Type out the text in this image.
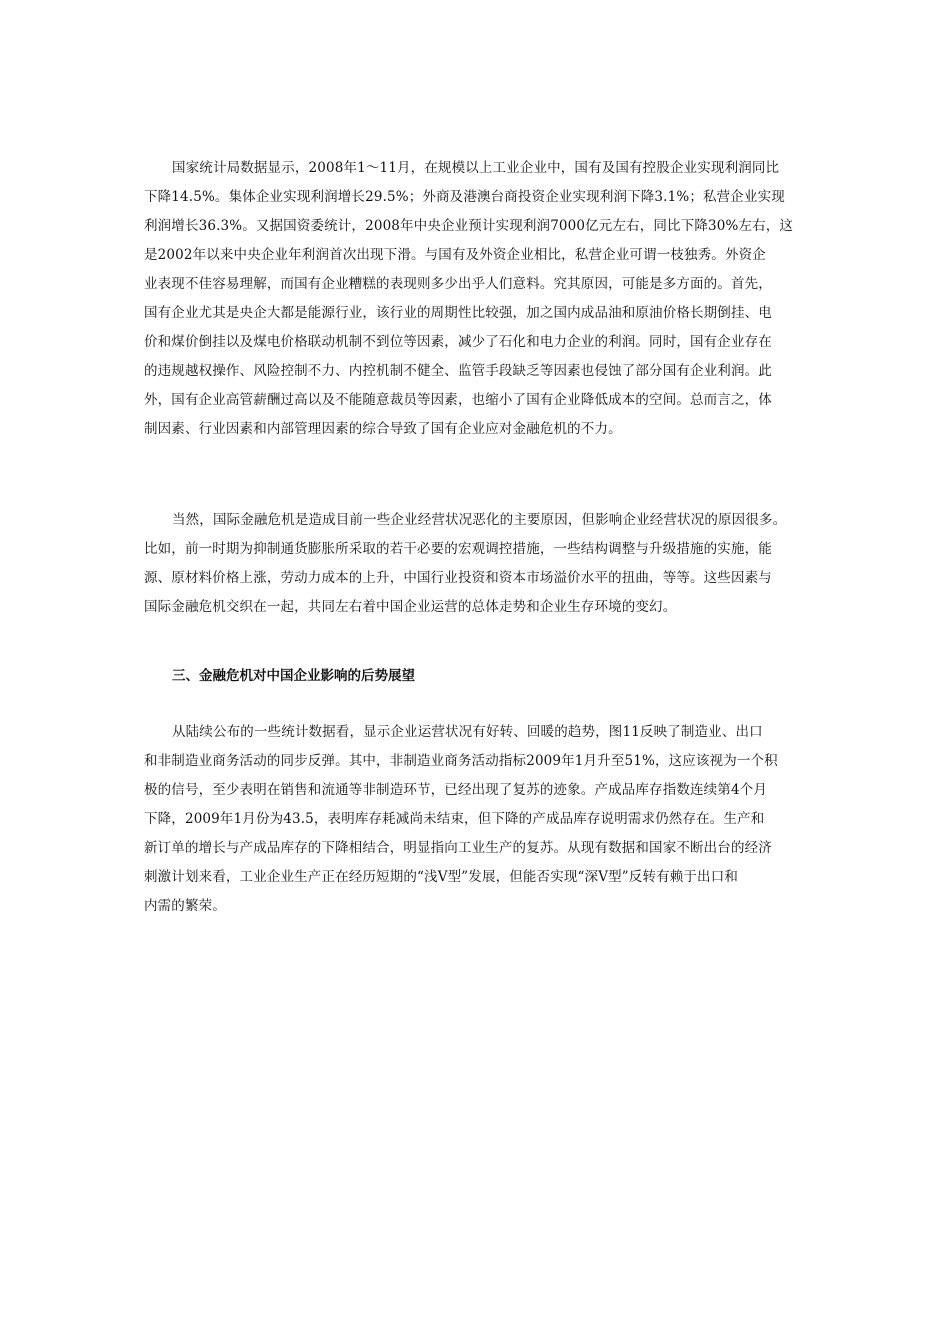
国家统计局数据显示，2008年1～11月，在规模以上工业企业中，国有及国有控股企业实现利润同比
下降14.5%。集体企业实现利润增长29.5%；外商及港澳台商投资企业实现利润下降3.1%；私营企业实现
利润增长36.3%。又据国资委统计，2008年中央企业预计实现利润7000亿元左右，同比下降30%左右，这
是2002年以来中央企业年利润首次出现下滑。与国有及外资企业相比，私营企业可谓一枝独秀。外资企
业表现不佳容易理解，而国有企业糟糕的表现则多少出乎人们意料。究其原因，可能是多方面的。首先，
国有企业尤其是央企大都是能源行业，该行业的周期性比较强，加之国内成品油和原油价格长期倒挂、电
价和煤价倒挂以及煤电价格联动机制不到位等因素，减少了石化和电力企业的利润。同时，国有企业存在
的违规越权操作、风险控制不力、内控机制不健全、监管手段缺乏等因素也侵蚀了部分国有企业利润。此
外，国有企业高管薪酬过高以及不能随意裁员等因素，也缩小了国有企业降低成本的空间。总而言之，体
制因素、行业因素和内部管理因素的综合导致了国有企业应对金融危机的不力。
当然，国际金融危机是造成目前一些企业经营状况恶化的主要原因，但影响企业经营状况的原因很多。
比如，前一时期为抑制通货膨胀所采取的若干必要的宏观调控措施，一些结构调整与升级措施的实施，能
源、原材料价格上涨，劳动力成本的上升，中国行业投资和资本市场溢价水平的扭曲，等等。这些因素与
国际金融危机交织在一起，共同左右着中国企业运营的总体走势和企业生存环境的变幻。
三、金融危机对中国企业影响的后势展望
从陆续公布的一些统计数据看，显示企业运营状况有好转、回暖的趋势，图11反映了制造业、出口
和非制造业商务活动的同步反弹。其中，非制造业商务活动指标2009年1月升至51%，这应该视为一个积
极的信号，至少表明在销售和流通等非制造环节，已经出现了复苏的迹象。产成品库存指数连续第4个月
下降，2009年1月份为43.5，表明库存耗减尚未结束，但下降的产成品库存说明需求仍然存在。生产和
新订单的增长与产成品库存的下降相结合，明显指向工业生产的复苏。从现有数据和国家不断出台的经济
刺激计划来看，工业企业生产正在经历短期的“浅V型”发展，但能否实现“深V型”反转有赖于出口和
内需的繁荣。
